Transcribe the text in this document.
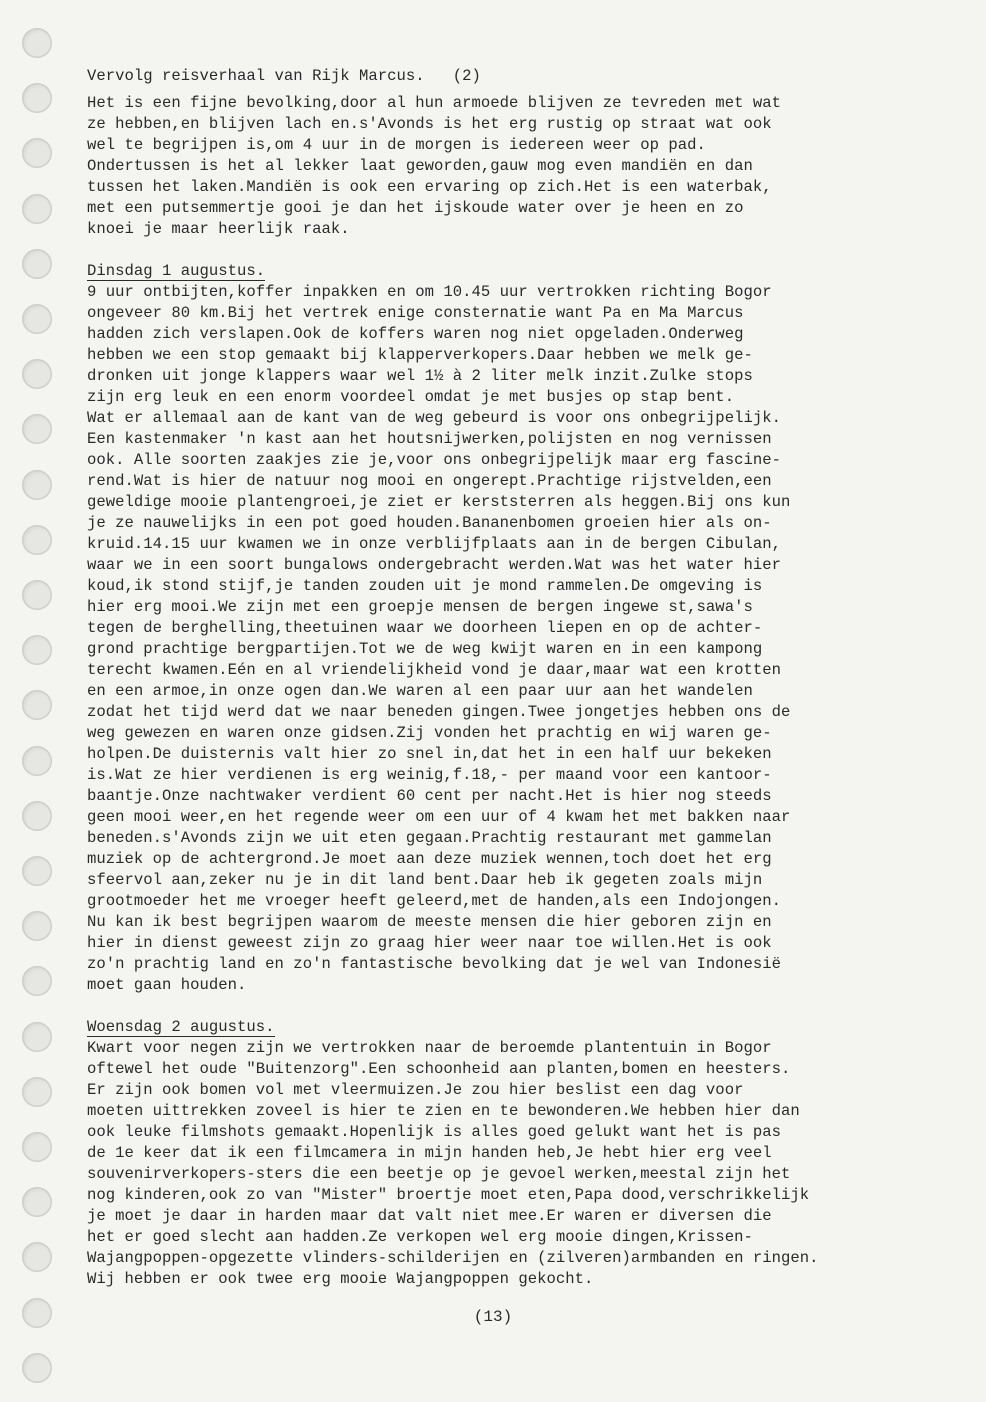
Vervolg reisverhaal van Rijk Marcus.   (2)
Het is een fijne bevolking,door al hun armoede blijven ze tevreden met wat
ze hebben,en blijven lach en.s'Avonds is het erg rustig op straat wat ook
wel te begrijpen is,om 4 uur in de morgen is iedereen weer op pad.
Ondertussen is het al lekker laat geworden,gauw mog even mandiën en dan
tussen het laken.Mandiën is ook een ervaring op zich.Het is een waterbak,
met een putsemmertje gooi je dan het ijskoude water over je heen en zo
knoei je maar heerlijk raak.
Dinsdag 1 augustus.
9 uur ontbijten,koffer inpakken en om 10.45 uur vertrokken richting Bogor
ongeveer 80 km.Bij het vertrek enige consternatie want Pa en Ma Marcus
hadden zich verslapen.Ook de koffers waren nog niet opgeladen.Onderweg
hebben we een stop gemaakt bij klapperverkopers.Daar hebben we melk ge-
dronken uit jonge klappers waar wel 1½ à 2 liter melk inzit.Zulke stops
zijn erg leuk en een enorm voordeel omdat je met busjes op stap bent.
Wat er allemaal aan de kant van de weg gebeurd is voor ons onbegrijpelijk.
Een kastenmaker 'n kast aan het houtsnijwerken,polijsten en nog vernissen
ook. Alle soorten zaakjes zie je,voor ons onbegrijpelijk maar erg fascine-
rend.Wat is hier de natuur nog mooi en ongerept.Prachtige rijstvelden,een
geweldige mooie plantengroei,je ziet er kerststerren als heggen.Bij ons kun
je ze nauwelijks in een pot goed houden.Bananenbomen groeien hier als on-
kruid.14.15 uur kwamen we in onze verblijfplaats aan in de bergen Cibulan,
waar we in een soort bungalows ondergebracht werden.Wat was het water hier
koud,ik stond stijf,je tanden zouden uit je mond rammelen.De omgeving is
hier erg mooi.We zijn met een groepje mensen de bergen ingewe st,sawa's
tegen de berghelling,theetuinen waar we doorheen liepen en op de achter-
grond prachtige bergpartijen.Tot we de weg kwijt waren en in een kampong
terecht kwamen.Eén en al vriendelijkheid vond je daar,maar wat een krotten
en een armoe,in onze ogen dan.We waren al een paar uur aan het wandelen
zodat het tijd werd dat we naar beneden gingen.Twee jongetjes hebben ons de
weg gewezen en waren onze gidsen.Zij vonden het prachtig en wij waren ge-
holpen.De duisternis valt hier zo snel in,dat het in een half uur bekeken
is.Wat ze hier verdienen is erg weinig,f.18,- per maand voor een kantoor-
baantje.Onze nachtwaker verdient 60 cent per nacht.Het is hier nog steeds
geen mooi weer,en het regende weer om een uur of 4 kwam het met bakken naar
beneden.s'Avonds zijn we uit eten gegaan.Prachtig restaurant met gammelan
muziek op de achtergrond.Je moet aan deze muziek wennen,toch doet het erg
sfeervol aan,zeker nu je in dit land bent.Daar heb ik gegeten zoals mijn
grootmoeder het me vroeger heeft geleerd,met de handen,als een Indojongen.
Nu kan ik best begrijpen waarom de meeste mensen die hier geboren zijn en
hier in dienst geweest zijn zo graag hier weer naar toe willen.Het is ook
zo'n prachtig land en zo'n fantastische bevolking dat je wel van Indonesië
moet gaan houden.
Woensdag 2 augustus.
Kwart voor negen zijn we vertrokken naar de beroemde plantentuin in Bogor
oftewel het oude "Buitenzorg".Een schoonheid aan planten,bomen en heesters.
Er zijn ook bomen vol met vleermuizen.Je zou hier beslist een dag voor
moeten uittrekken zoveel is hier te zien en te bewonderen.We hebben hier dan
ook leuke filmshots gemaakt.Hopenlijk is alles goed gelukt want het is pas
de 1e keer dat ik een filmcamera in mijn handen heb,Je hebt hier erg veel
souvenirverkopers-sters die een beetje op je gevoel werken,meestal zijn het
nog kinderen,ook zo van "Mister" broertje moet eten,Papa dood,verschrikkelijk
je moet je daar in harden maar dat valt niet mee.Er waren er diversen die
het er goed slecht aan hadden.Ze verkopen wel erg mooie dingen,Krissen-
Wajangpoppen-opgezette vlinders-schilderijen en (zilveren)armbanden en ringen.
Wij hebben er ook twee erg mooie Wajangpoppen gekocht.
(13)
